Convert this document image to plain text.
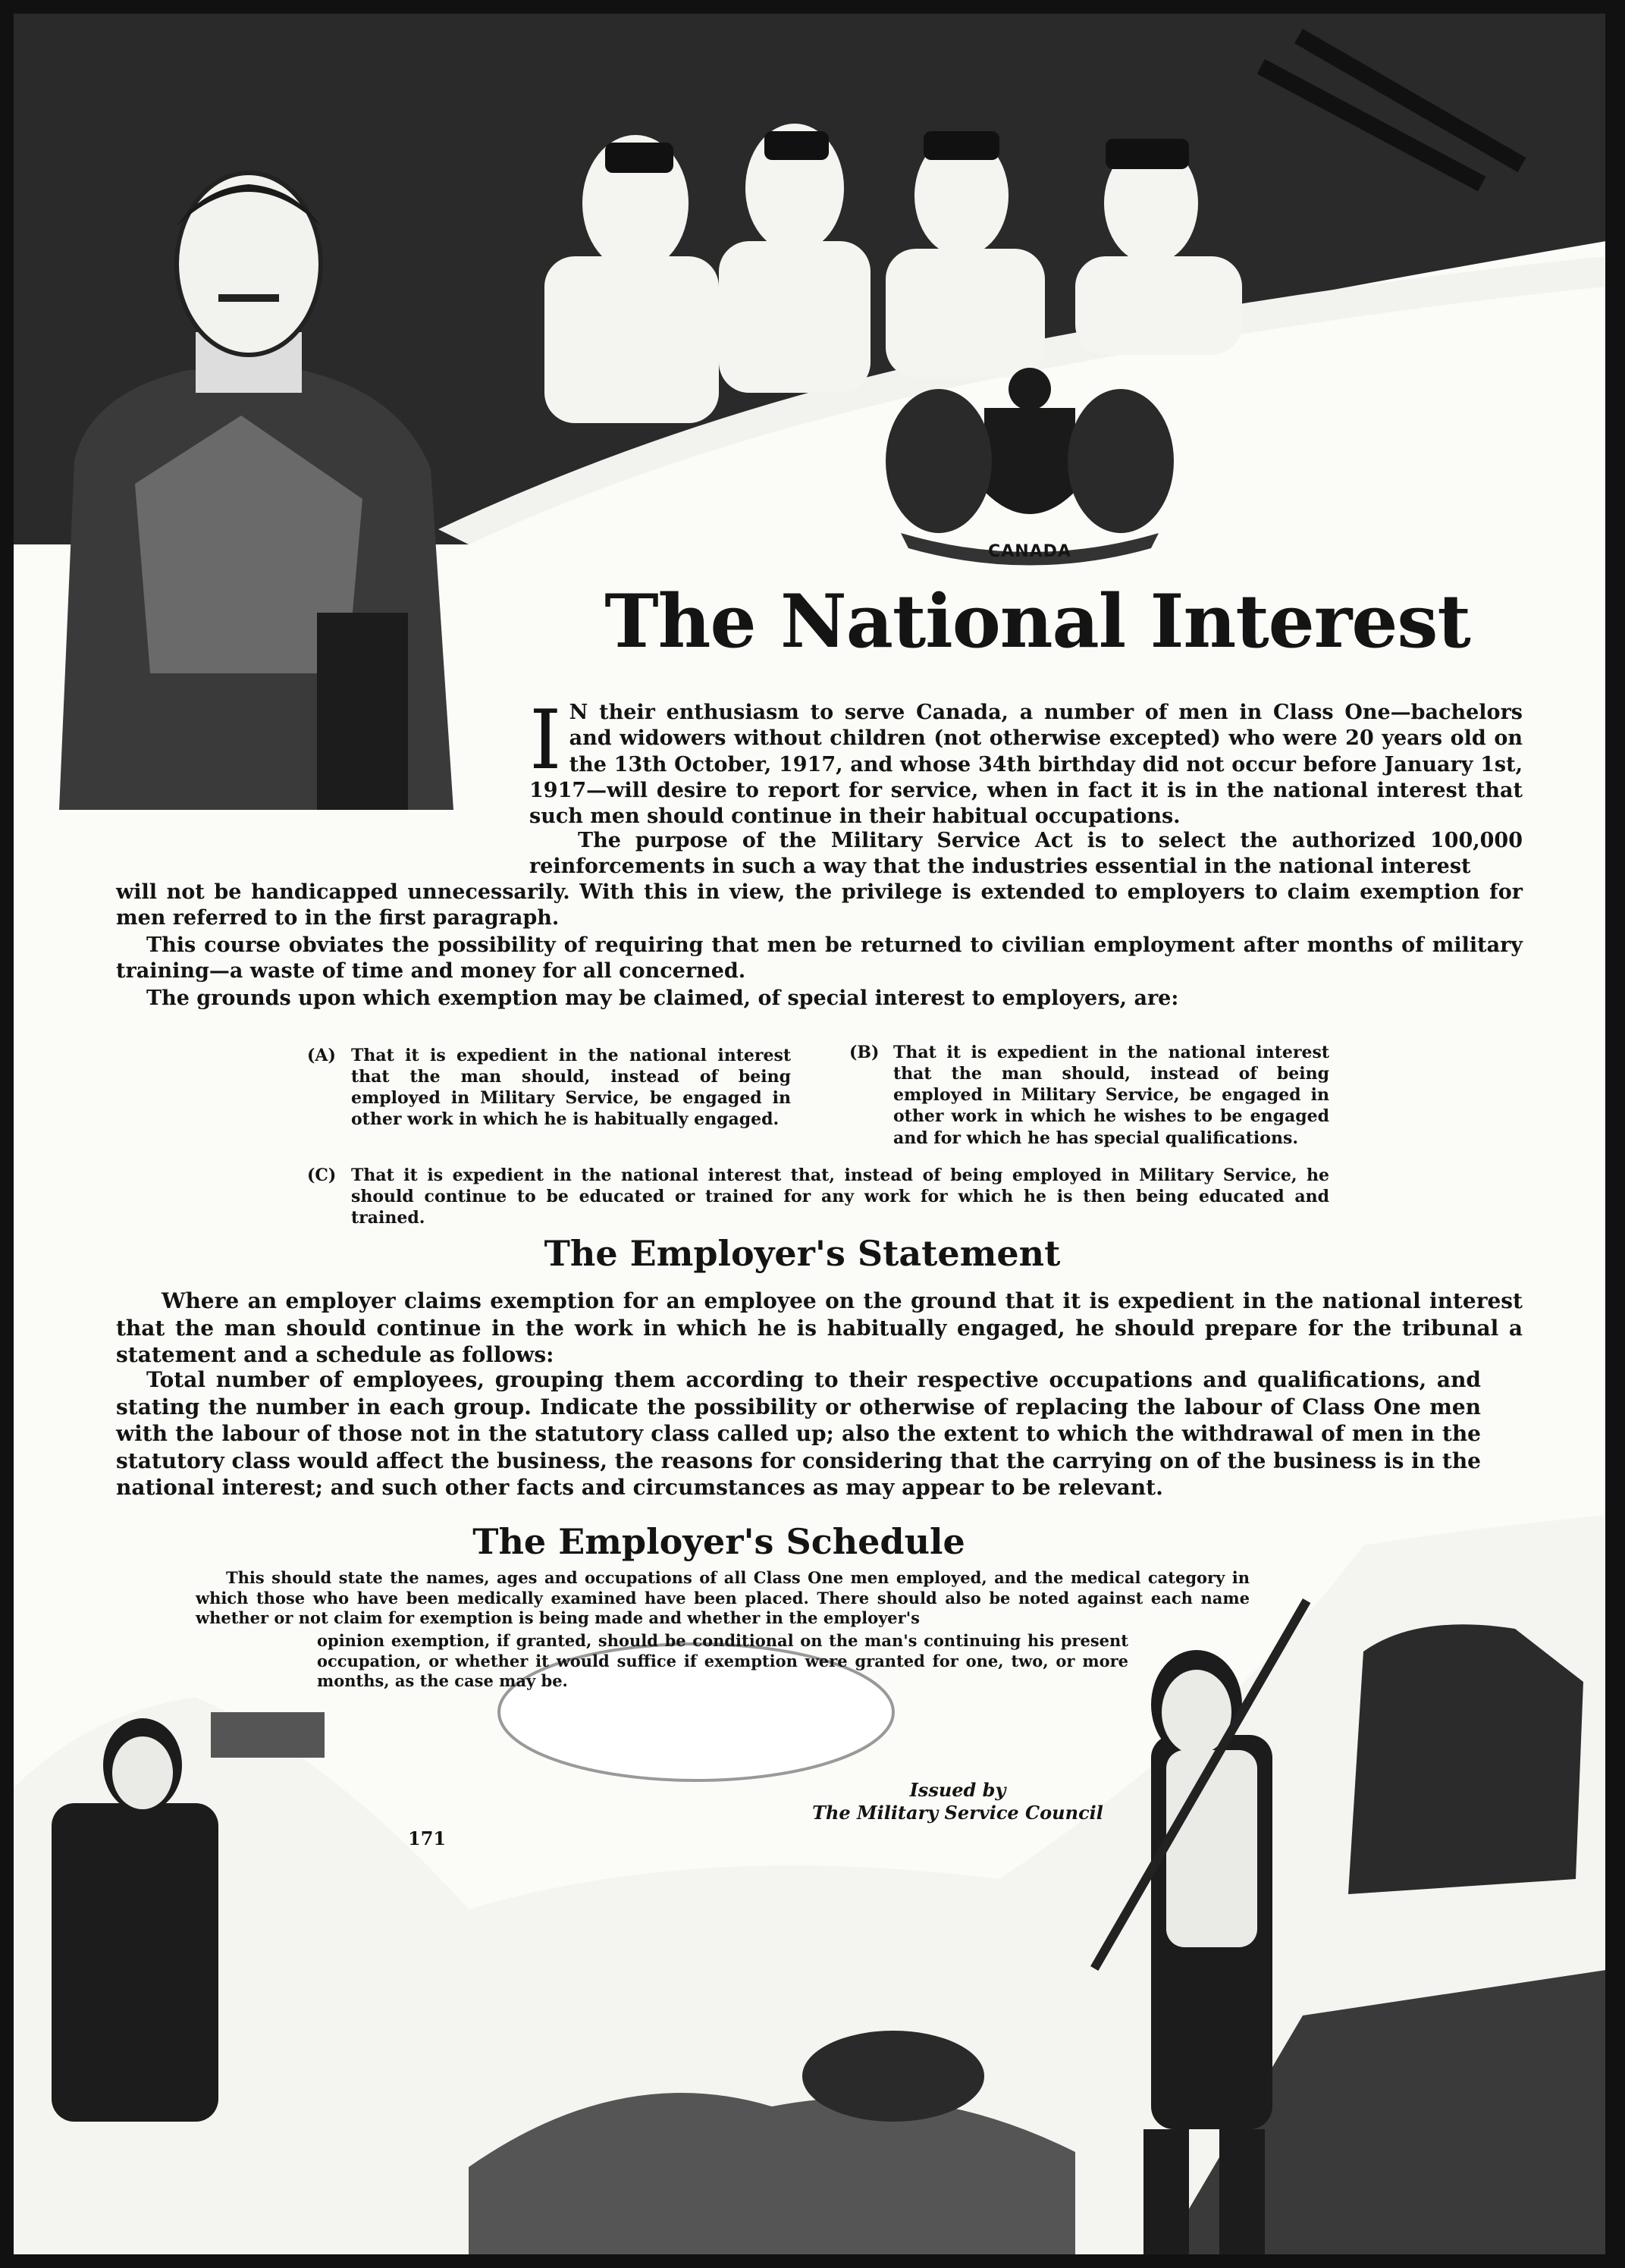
CANADA
The National Interest
I N their enthusiasm to serve Canada, a number of men in Class One—bachelors and widowers without children (not otherwise excepted) who were 20 years old on the 13th October, 1917, and whose 34th birthday did not occur before January 1st, 1917—will desire to report for service, when in fact it is in the national interest that such men should continue in their habitual occupations.
The purpose of the Military Service Act is to select the authorized 100,000 reinforcements in such a way that the industries essential in the national interest
will not be handicapped unnecessarily. With this in view, the privilege is extended to employers to claim exemption for men referred to in the first paragraph.
This course obviates the possibility of requiring that men be returned to civilian employment after months of military training—a waste of time and money for all concerned.
The grounds upon which exemption may be claimed, of special interest to employers, are:
(A) That it is expedient in the national interest that the man should, instead of being employed in Military Service, be engaged in other work in which he is habitually engaged.
(B) That it is expedient in the national interest that the man should, instead of being employed in Military Service, be engaged in other work in which he wishes to be engaged and for which he has special qualifications.
(C) That it is expedient in the national interest that, instead of being employed in Military Service, he should continue to be educated or trained for any work for which he is then being educated and trained.
The Employer's Statement
Where an employer claims exemption for an employee on the ground that it is expedient in the national interest that the man should continue in the work in which he is habitually engaged, he should prepare for the tribunal a statement and a schedule as follows:
Total number of employees, grouping them according to their respective occupations and qualifications, and stating the number in each group. Indicate the possibility or otherwise of replacing the labour of Class One men with the labour of those not in the statutory class called up; also the extent to which the withdrawal of men in the statutory class would affect the business, the reasons for considering that the carrying on of the business is in the national interest; and such other facts and circumstances as may appear to be relevant.
The Employer's Schedule
This should state the names, ages and occupations of all Class One men employed, and the medical category in which those who have been medically examined have been placed. There should also be noted against each name whether or not claim for exemption is being made and whether in the employer's
opinion exemption, if granted, should be conditional on the man's continuing his present occupation, or whether it would suffice if exemption were granted for one, two, or more months, as the case may be.
Issued by
The Military Service Council
171
